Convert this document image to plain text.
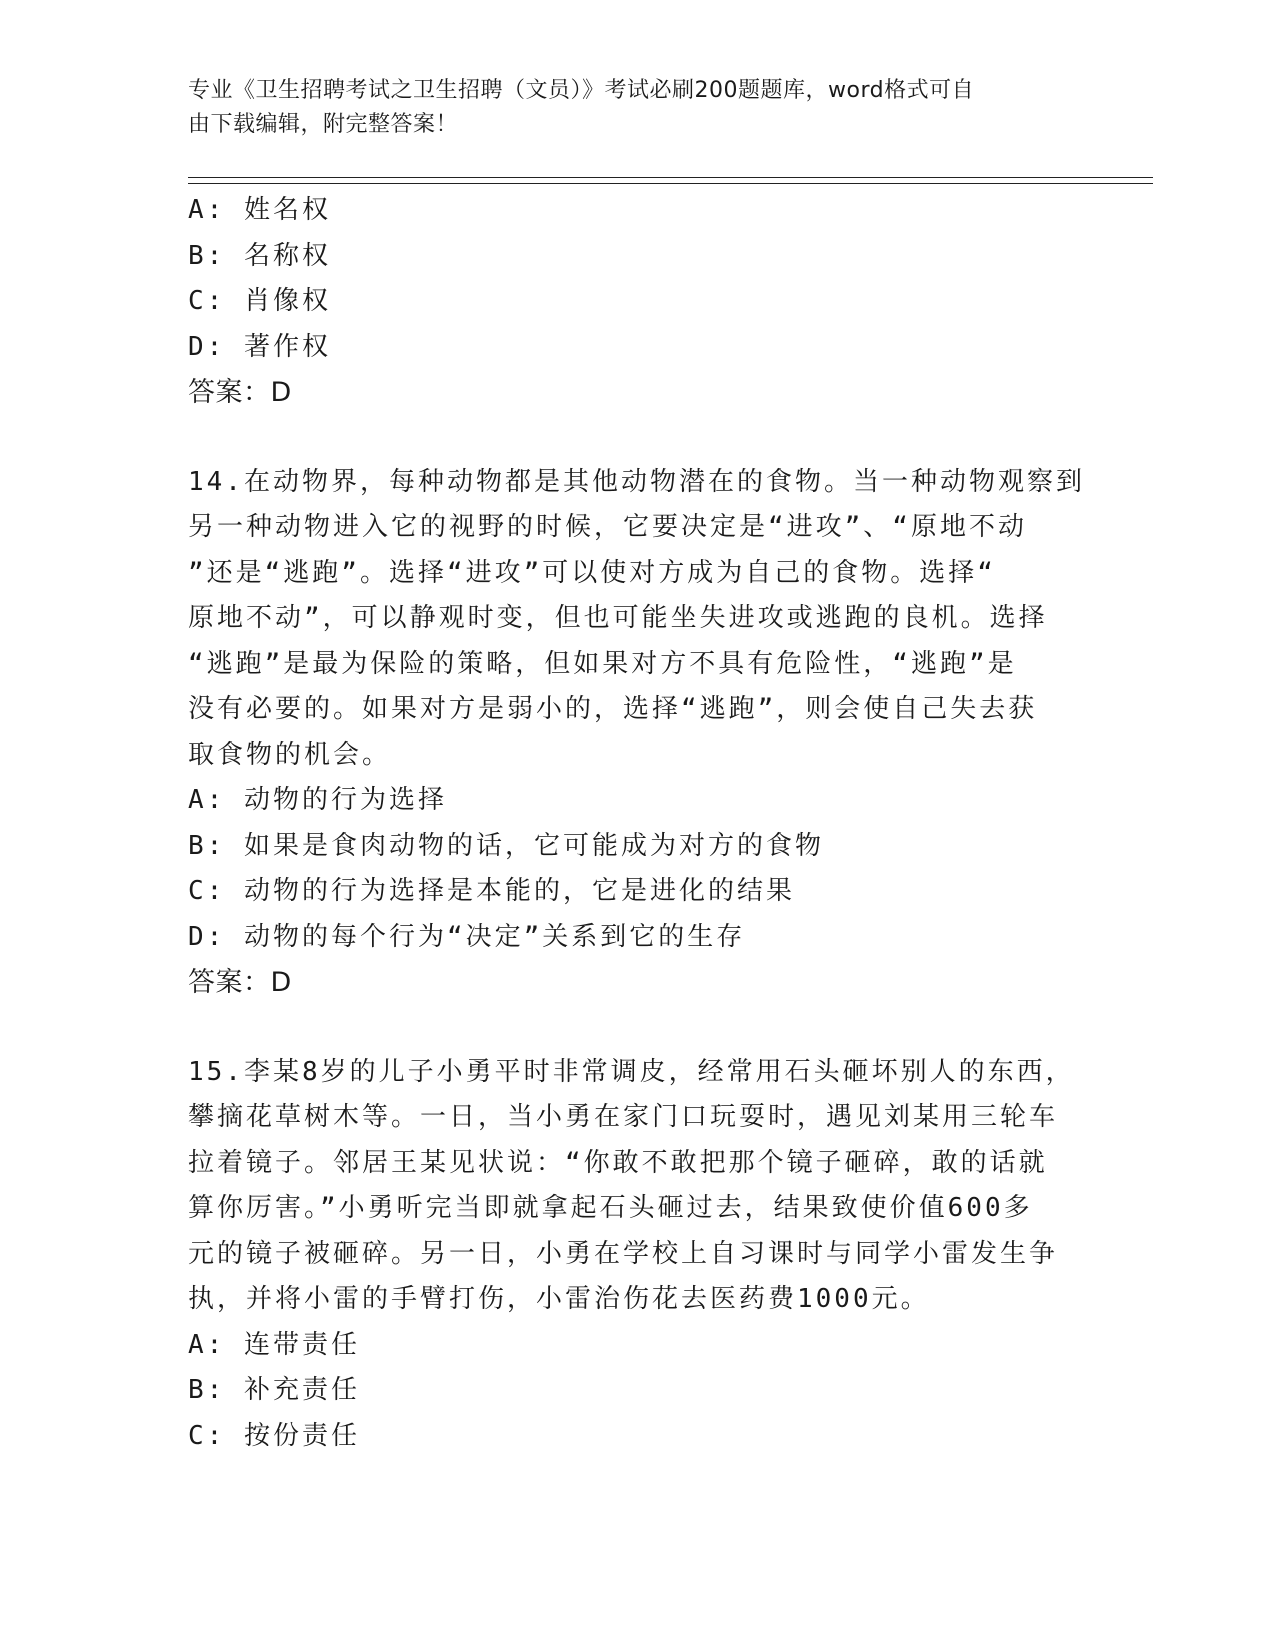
专业《卫生招聘考试之卫生招聘（文员）》考试必刷200题题库，word格式可自
由下载编辑，附完整答案！
A: 姓名权
B: 名称权
C: 肖像权
D: 著作权
答案：D
14.在动物界，每种动物都是其他动物潜在的食物。当一种动物观察到
另一种动物进入它的视野的时候，它要决定是“进攻”、“原地不动
”还是“逃跑”。选择“进攻”可以使对方成为自己的食物。选择“
原地不动”，可以静观时变，但也可能坐失进攻或逃跑的良机。选择
“逃跑”是最为保险的策略，但如果对方不具有危险性，“逃跑”是
没有必要的。如果对方是弱小的，选择“逃跑”，则会使自己失去获
取食物的机会。
A: 动物的行为选择
B: 如果是食肉动物的话，它可能成为对方的食物
C: 动物的行为选择是本能的，它是进化的结果
D: 动物的每个行为“决定”关系到它的生存
答案：D
15.李某8岁的儿子小勇平时非常调皮，经常用石头砸坏别人的东西，
攀摘花草树木等。一日，当小勇在家门口玩耍时，遇见刘某用三轮车
拉着镜子。邻居王某见状说：“你敢不敢把那个镜子砸碎，敢的话就
算你厉害。”小勇听完当即就拿起石头砸过去，结果致使价值600多
元的镜子被砸碎。另一日，小勇在学校上自习课时与同学小雷发生争
执，并将小雷的手臂打伤，小雷治伤花去医药费1000元。
A: 连带责任
B: 补充责任
C: 按份责任
